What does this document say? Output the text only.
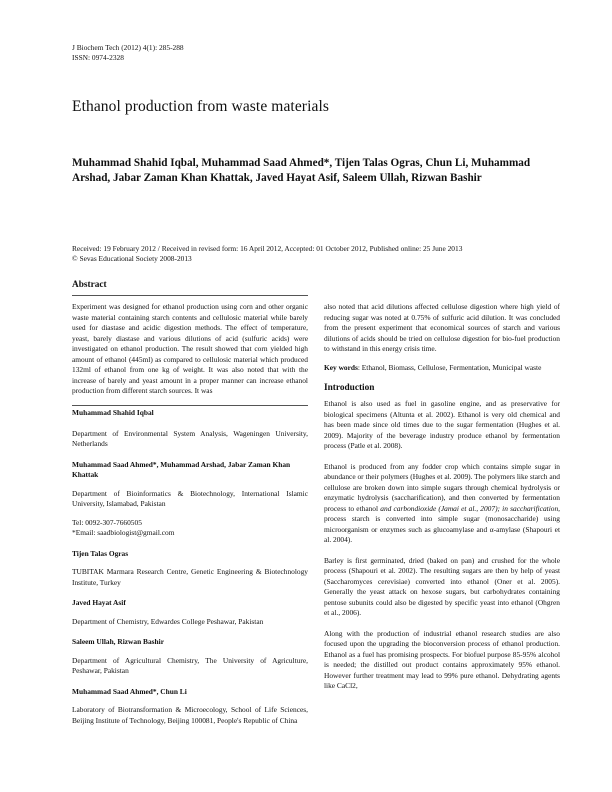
J Biochem Tech (2012) 4(1): 285-288
ISSN: 0974-2328
Ethanol production from waste materials

Muhammad Shahid Iqbal, Muhammad Saad Ahmed*, Tijen Talas Ogras, Chun Li, Muhammad Arshad, Jabar Zaman Khan Khattak, Javed Hayat Asif, Saleem Ullah, Rizwan Bashir

Received: 19 February 2012 / Received in revised form: 16 April 2012, Accepted: 01 October 2012, Published online: 25 June 2013
© Sevas Educational Society 2008-2013
Abstract

Experiment was designed for ethanol production using corn and other organic waste material containing starch contents and cellulosic material while barely used for diastase and acidic digestion methods. The effect of temperature, yeast, barely diastase and various dilutions of acid (sulfuric acids) were investigated on ethanol production. The result showed that corn yielded high amount of ethanol (445ml) as compared to cellulosic material which produced 132ml of ethanol from one kg of weight. It was also noted that with the increase of barely and yeast amount in a proper manner can increase ethanol production from different starch sources. It was

Muhammad Shahid Iqbal

Department of Environmental System Analysis, Wageningen University, Netherlands

Muhammad Saad Ahmed*, Muhammad Arshad, Jabar Zaman Khan Khattak

Department of Bioinformatics & Biotechnology, International Islamic University, Islamabad, Pakistan

Tel: 0092-307-7660505

*Email: saadbiologist@gmail.com

Tijen Talas Ogras

TUBITAK Marmara Research Centre, Genetic Engineering & Biotechnology Institute, Turkey

Javed Hayat Asif

Department of Chemistry, Edwardes College Peshawar, Pakistan

Saleem Ullah, Rizwan Bashir

Department of Agricultural Chemistry, The University of Agriculture, Peshawar, Pakistan

Muhammad Saad Ahmed*, Chun Li

Laboratory of Biotransformation & Microecology, School of Life Sciences, Beijing Institute of Technology, Beijing 100081, People's Republic of China

also noted that acid dilutions affected cellulose digestion where high yield of reducing sugar was noted at 0.75% of sulfuric acid dilution. It was concluded from the present experiment that economical sources of starch and various dilutions of acids should be tried on cellulose digestion for bio-fuel production to withstand in this energy crisis time.

Key words: Ethanol, Biomass, Cellulose, Fermentation, Municipal waste

Introduction

Ethanol is also used as fuel in gasoline engine, and as preservative for biological specimens (Altunta et al. 2002). Ethanol is very old chemical and has been made since old times due to the sugar fermentation (Hughes et al. 2009). Majority of the beverage industry produce ethanol by fermentation process (Patle et al. 2008).

Ethanol is produced from any fodder crop which contains simple sugar in abundance or their polymers (Hughes et al. 2009). The polymers like starch and cellulose are broken down into simple sugars through chemical hydrolysis or enzymatic hydrolysis (saccharification), and then converted by fermentation process to ethanol and carbondioxide (Jamai et al., 2007); in saccharification, process starch is converted into simple sugar (monosaccharide) using microorganism or enzymes such as glucoamylase and α-amylase (Shapouri et al. 2004).

Barley is first germinated, dried (baked on pan) and crushed for the whole process (Shapouri et al. 2002). The resulting sugars are then by help of yeast (Saccharomyces cerevisiae) converted into ethanol (Oner et al. 2005). Generally the yeast attack on hexose sugars, but carbohydrates containing pentose subunits could also be digested by specific yeast into ethanol (Ohgren et al., 2006).

Along with the production of industrial ethanol research studies are also focused upon the upgrading the bioconversion process of ethanol production. Ethanol as a fuel has promising prospects. For biofuel purpose 85-95% alcohol is needed; the distilled out product contains approximately 95% ethanol. However further treatment may lead to 99% pure ethanol. Dehydrating agents like CaCl2,
